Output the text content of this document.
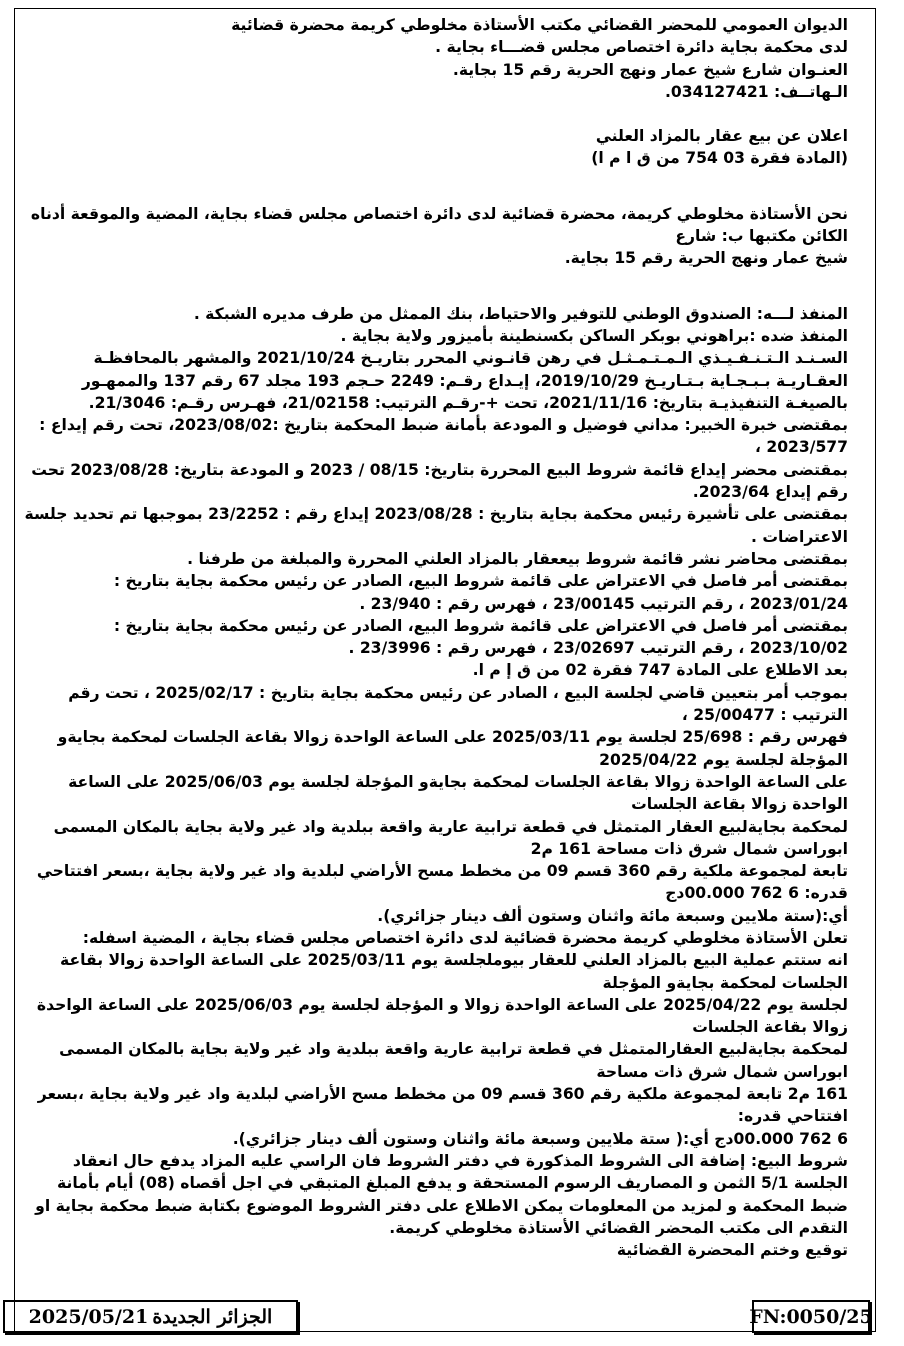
الديوان العمومي للمحضر القضائي مكتب الأستاذة مخلوطي كريمة محضرة قضائية

لدى محكمة بجاية دائرة اختصاص مجلس قضـــاء بجاية .

العنـوان شارع شيخ عمار ونهج الحرية رقم 15 بجاية.

الـهاتــف: 034127421.

اعلان عن بيع عقار بالمزاد العلني

(المادة فقرة 03 754 من ق ا م ا)

نحن الأستاذة مخلوطي كريمة، محضرة قضائية لدى دائرة اختصاص مجلس قضاء بجاية، المضية والموقعة أدناه الكائن مكتبها ب: شارع

شيخ عمار ونهج الحرية رقم 15 بجاية.

المنفذ لـــه: الصندوق الوطني للتوفير والاحتياط، بنك الممثل من طرف مديره الشبكة .

المنفذ ضده :براهوني بوبكر الساكن بكسنطينة بأميزور ولاية بجاية .

السـنـد الـتـنـفـيـذي الـمـتـمـثـل في رهن قانـوني المحرر بتاريـخ 2021/10/24 والمشهر بالمحافظـة العقـاريـة بـبـجـاية بـتـاريـخ 2019/10/29، إيـداع رقـم: 2249 حـجم 193 مجلد 67 رقم 137 والممهـور بالصيغـة التنفيذيـة بتاريخ: 2021/11/16، تحت +-رقـم الترتيب: 21/02158، فهـرس رقـم: 21/3046.

بمقتضى خبرة الخبير: مداني فوضيل و المودعة بأمانة ضبط المحكمة بتاريخ :2023/08/02، تحت رقم إيداع : 2023/577 ،

بمقتضى محضر إيداع قائمة شروط البيع المحررة بتاريخ: 08/15 / 2023 و المودعة بتاريخ: 2023/08/28 تحت رقم إيداع 2023/64.

بمقتضى على تأشيرة رئيس محكمة بجاية بتاريخ : 2023/08/28 إيداع رقم : 23/2252 بموجبها تم تحديد جلسة الاعتراضات .

بمقتضى محاضر نشر قائمة شروط بيععقار بالمزاد العلني المحررة والمبلغة من طرفنا .

بمقتضى أمر فاصل في الاعتراض على قائمة شروط البيع، الصادر عن رئيس محكمة بجاية بتاريخ : 2023/01/24 ، رقم الترتيب 23/00145 ، فهرس رقم : 23/940 .

بمقتضى أمر فاصل في الاعتراض على قائمة شروط البيع، الصادر عن رئيس محكمة بجاية بتاريخ : 2023/10/02 ، رقم الترتيب 23/02697 ، فهرس رقم : 23/3996 .

بعد الاطلاع على المادة 747 فقرة 02 من ق إ م ا.

بموجب أمر بتعيين قاضي لجلسة البيع ، الصادر عن رئيس محكمة بجاية بتاريخ : 2025/02/17 ، تحت رقم الترتيب : 25/00477 ،

فهرس رقم : 25/698 لجلسة يوم 2025/03/11 على الساعة الواحدة زوالا بقاعة الجلسات لمحكمة بجايةو المؤجلة لجلسة يوم 2025/04/22

على الساعة الواحدة زوالا بقاعة الجلسات لمحكمة بجايةو المؤجلة لجلسة يوم 2025/06/03 على الساعة الواحدة زوالا بقاعة الجلسات

لمحكمة بجايةلبيع العقار المتمثل في قطعة ترابية عارية واقعة ببلدية واد غير ولاية بجاية بالمكان المسمى ابوراسن شمال شرق ذات مساحة 161 م2

تابعة لمجموعة ملكية رقم 360 قسم 09 من مخطط مسح الأراضي لبلدية واد غير ولاية بجاية ،بسعر افتتاحي قدره: 6 762 00.000دج

أي:(ستة ملايين وسبعة مائة واثنان وستون ألف دينار جزائري).

تعلن الأستاذة مخلوطي كريمة محضرة قضائية لدى دائرة اختصاص مجلس قضاء بجاية ، المضية اسفله:

انه ستتم عملية البيع بالمزاد العلني للعقار بيوملجلسة يوم 2025/03/11 على الساعة الواحدة زوالا بقاعة الجلسات لمحكمة بجايةو المؤجلة

لجلسة يوم 2025/04/22 على الساعة الواحدة زوالا و المؤجلة لجلسة يوم 2025/06/03 على الساعة الواحدة زوالا بقاعة الجلسات

لمحكمة بجايةلبيع العقارالمتمثل في قطعة ترابية عارية واقعة ببلدية واد غير ولاية بجاية بالمكان المسمى ابوراسن شمال شرق ذات مساحة

161 م2 تابعة لمجموعة ملكية رقم 360 قسم 09 من مخطط مسح الأراضي لبلدية واد غير ولاية بجاية ،بسعر افتتاحي قدره:

6 762 00.000دج أي:( ستة ملايين وسبعة مائة واثنان وستون ألف دينار جزائري).

شروط البيع: إضافة الى الشروط المذكورة في دفتر الشروط فان الراسي عليه المزاد يدفع حال انعقاد الجلسة 5/1 الثمن و المصاريف الرسوم المستحقة و يدفع المبلغ المتبقي في اجل أقصاه (08) أيام بأمانة ضبط المحكمة و لمزيد من المعلومات يمكن الاطلاع على دفتر الشروط الموضوع بكتابة ضبط محكمة بجاية او التقدم الى مكتب المحضر القضائي الأستاذة مخلوطي كريمة.

توقيع وختم المحضرة القضائية

2025/05/21 الجزائر الجديدة	FN:0050/25
